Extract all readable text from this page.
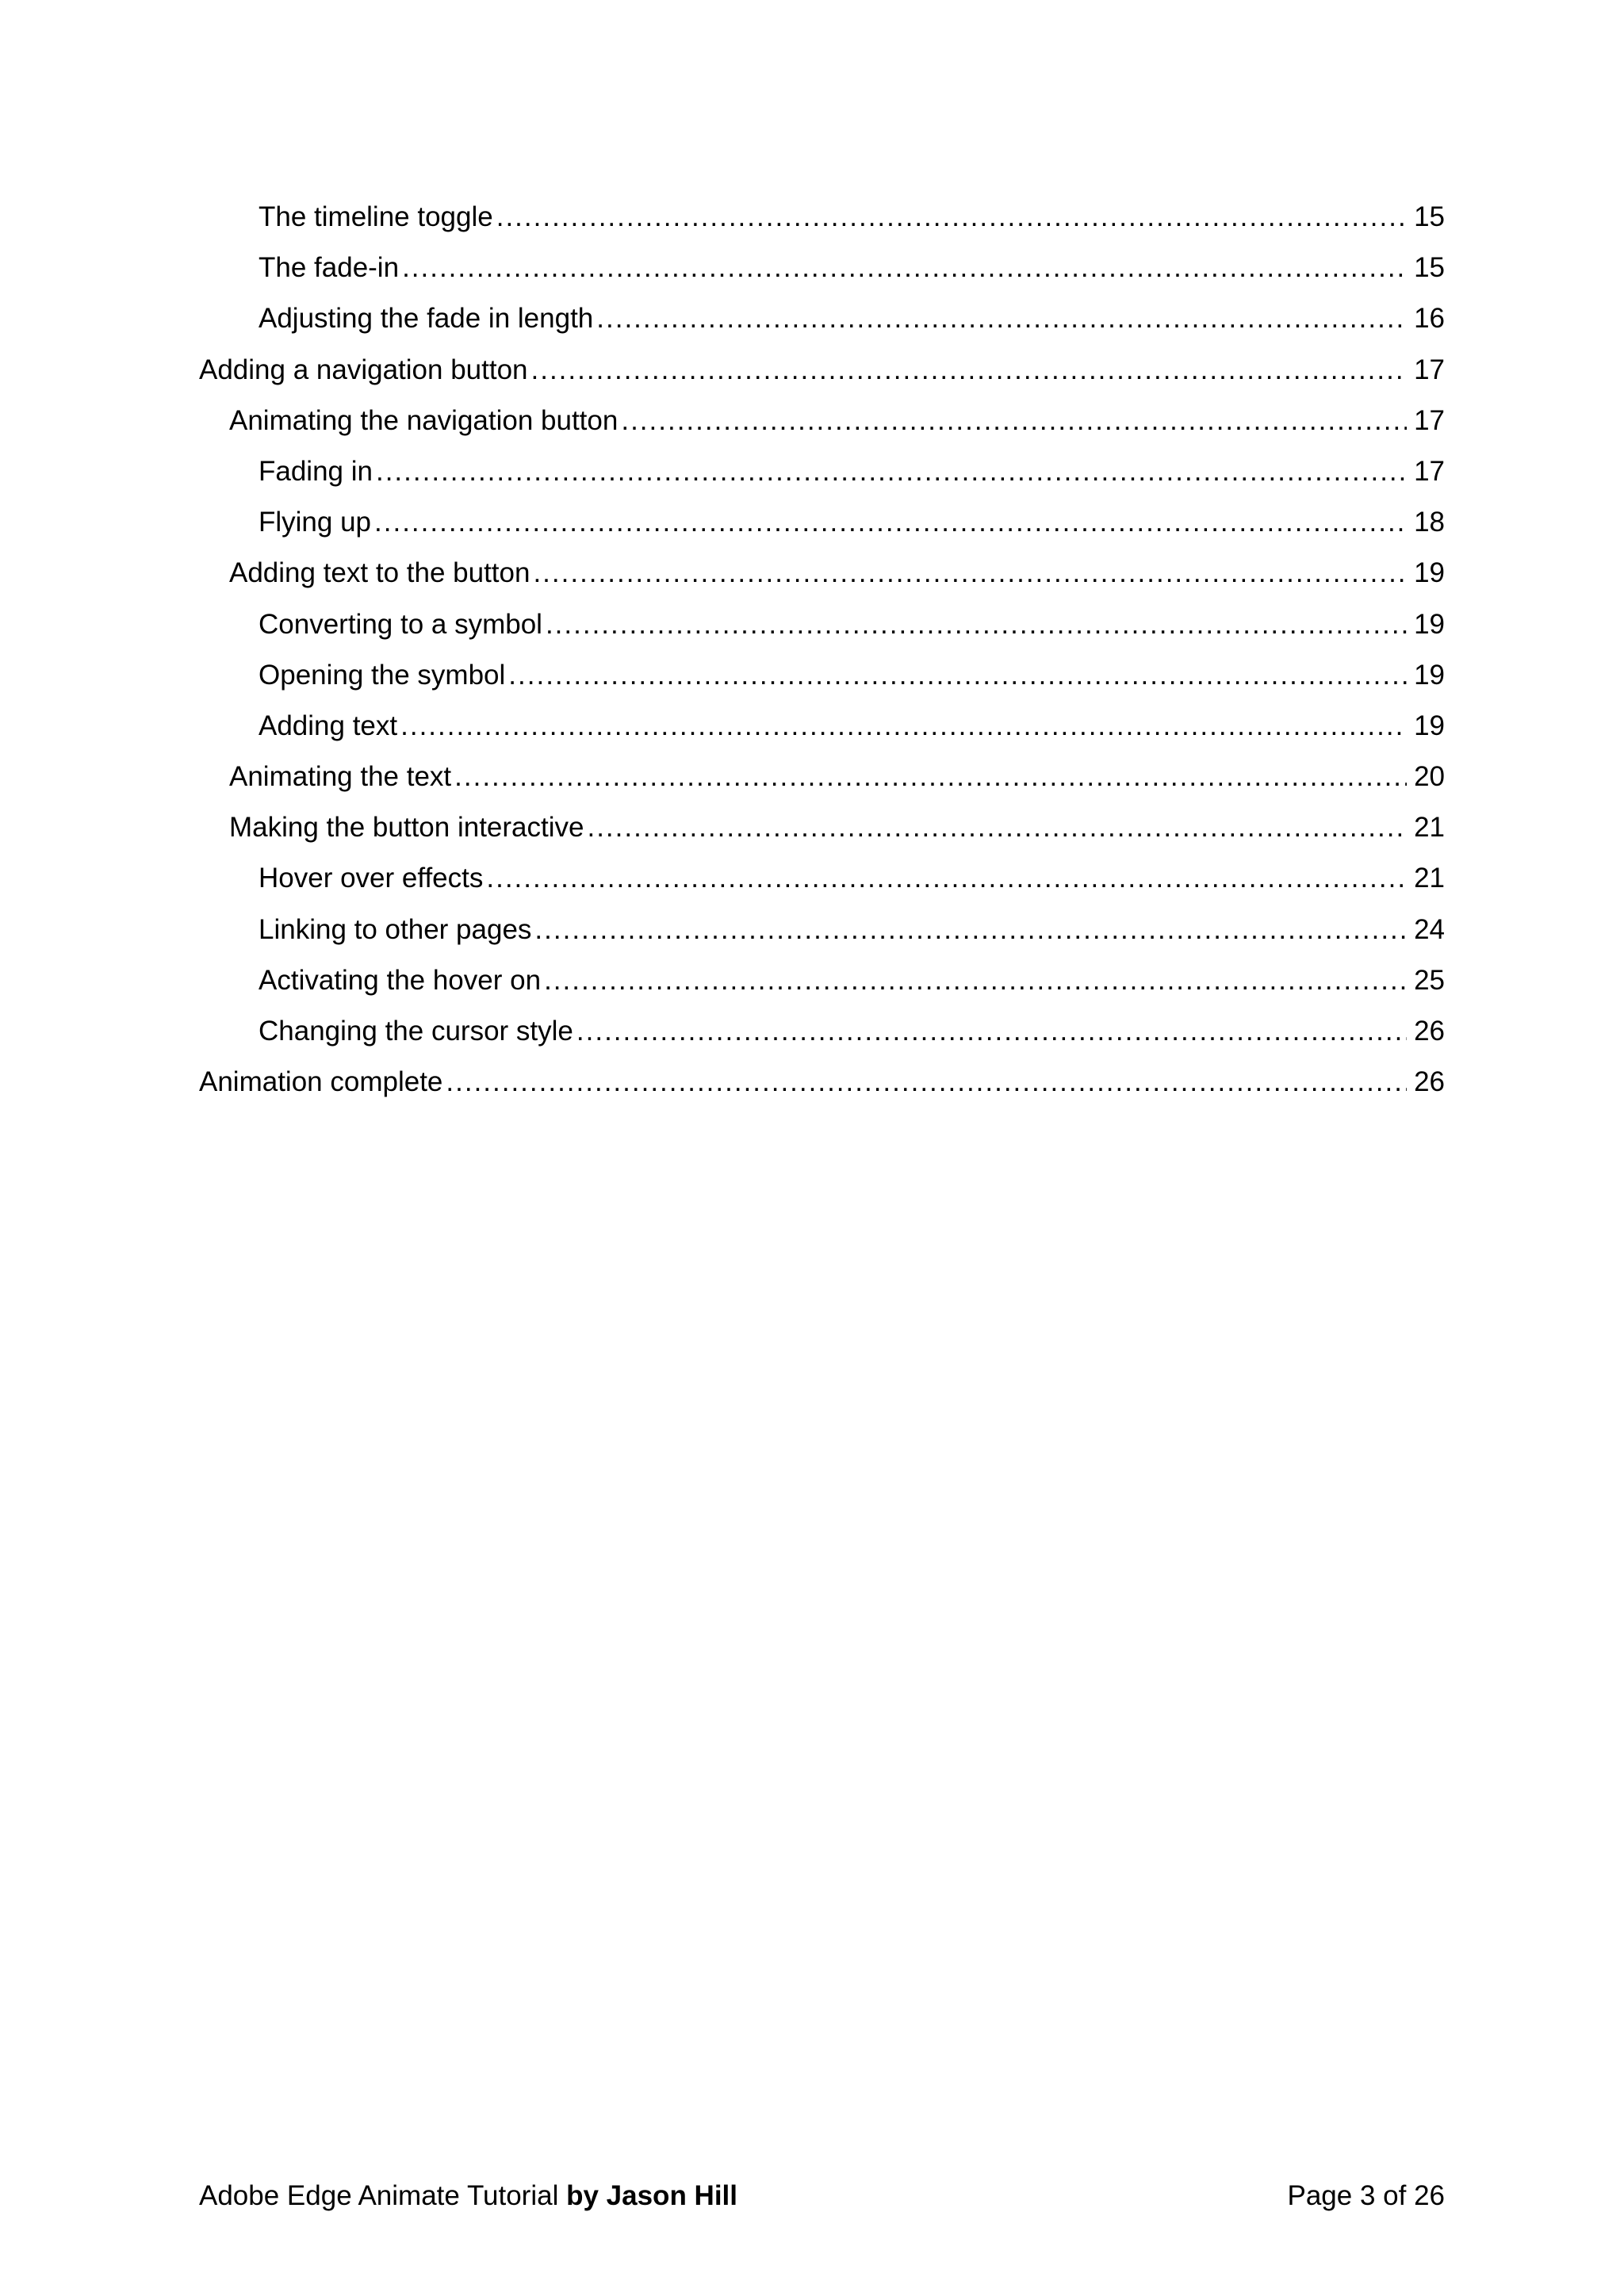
The timeline toggle .....	15
The fade-in .....	15
Adjusting the fade in length .....	16
Adding a navigation button .....	17
Animating the navigation button .....	17
Fading in .....	17
Flying up .....	18
Adding text to the button .....	19
Converting to a symbol .....	19
Opening the symbol .....	19
Adding text .....	19
Animating the text .....	20
Making the button interactive .....	21
Hover over effects .....	21
Linking to other pages .....	24
Activating the hover on .....	25
Changing the cursor style .....	26
Animation complete .....	26
Adobe Edge Animate Tutorial by Jason Hill	Page 3 of 26
